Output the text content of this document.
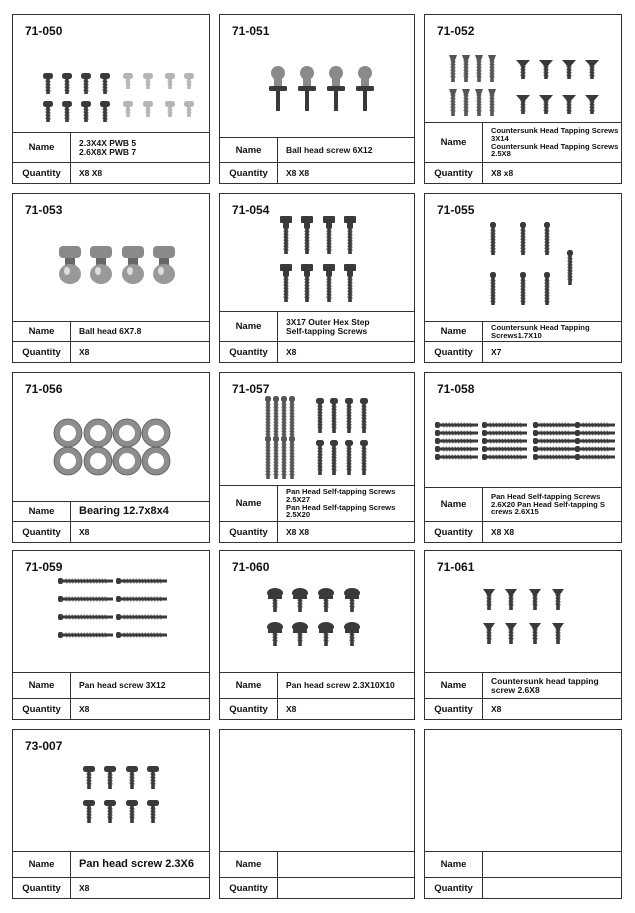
71-050
Name	2.3X4X PWB 5
2.6X8X PWB 7
Quantity	X8 X8
71-051
Name	Ball head screw 6X12
Quantity	X8 X8
71-052
Name
Countersunk Head Tapping Screws 3X14
Countersunk Head Tapping Screws 2.5X8
Quantity	X8 x8
71-053
Name	Ball head 6X7.8
Quantity	X8
71-054
Name	3X17 Outer Hex Step
Self-tapping Screws
Quantity	X8
71-055
Name	Countersunk Head Tapping Screws1.7X10
Quantity	X7
71-056
Name	Bearing 12.7x8x4
Quantity	X8
71-057
Name
Pan Head Self-tapping Screws 2.5X27
Pan Head Self-tapping Screws 2.5X20
Quantity	X8 X8
71-058
Name
Pan Head Self-tapping Screws 2.6X20 Pan Head Self-tapping S crews 2.6X15
Quantity	X8 X8
71-059
Name	Pan head screw 3X12
Quantity	X8
71-060
Name	Pan head screw 2.3X10X10
Quantity	X8
71-061
Name	Countersunk head tapping
screw 2.6X8
Quantity	X8
73-007
Name	Pan head screw 2.3X6
Quantity	X8
Name
Quantity
Name
Quantity
